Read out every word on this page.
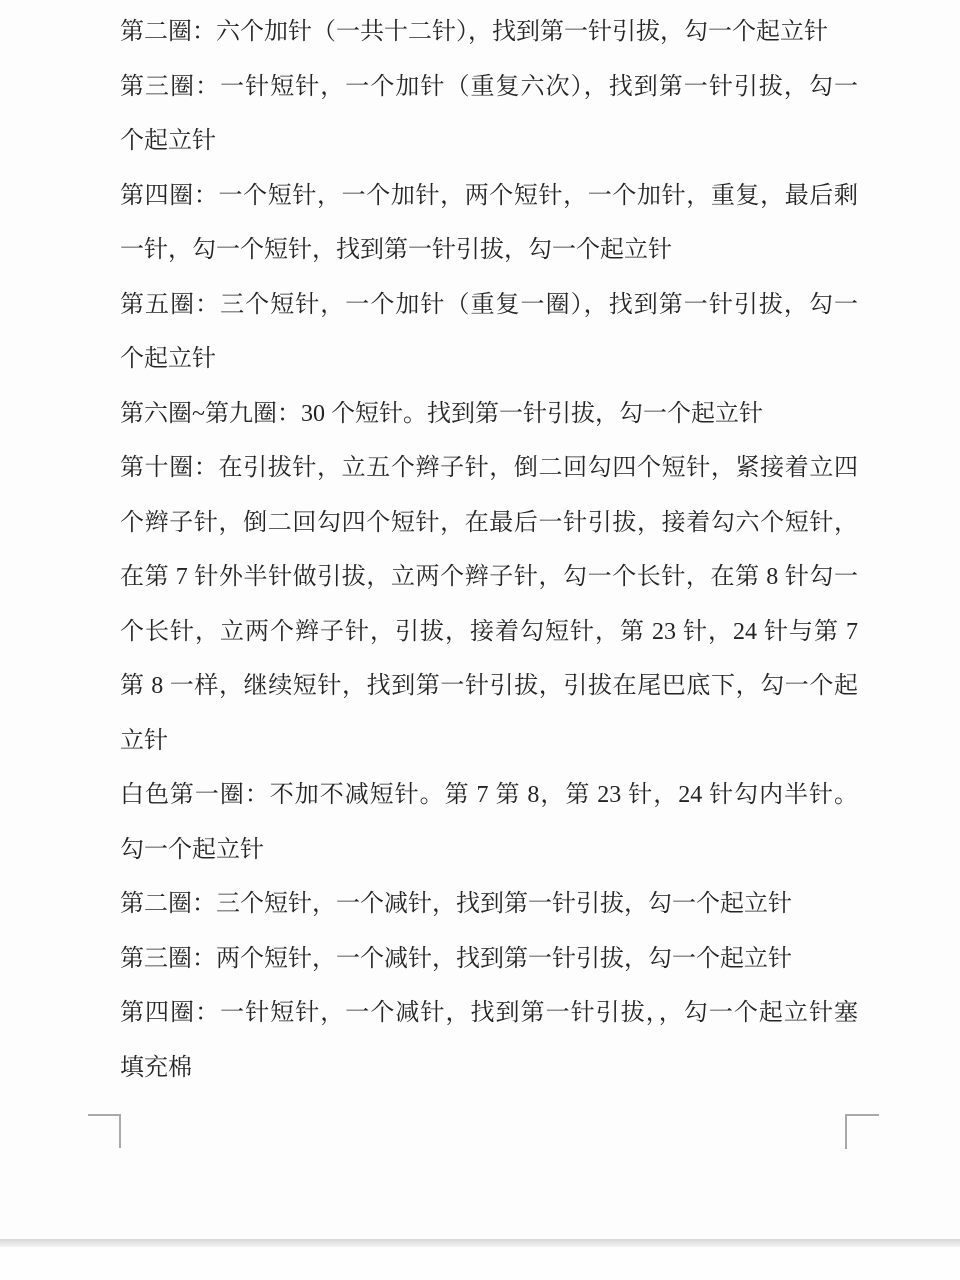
第二圈：六个加针（一共十二针），找到第一针引拔，勾一个起立针
第三圈：一针短针，一个加针（重复六次），找到第一针引拔，勾一
个起立针
第四圈：一个短针，一个加针，两个短针，一个加针，重复，最后剩
一针，勾一个短针，找到第一针引拔，勾一个起立针
第五圈：三个短针，一个加针（重复一圈），找到第一针引拔，勾一
个起立针
第六圈~第九圈：30 个短针。找到第一针引拔，勾一个起立针
第十圈：在引拔针，立五个辫子针，倒二回勾四个短针，紧接着立四
个辫子针，倒二回勾四个短针，在最后一针引拔，接着勾六个短针，
在第 7 针外半针做引拔，立两个辫子针，勾一个长针，在第 8 针勾一
个长针，立两个辫子针，引拔，接着勾短针，第 23 针，24 针与第 7
第 8 一样，继续短针，找到第一针引拔，引拔在尾巴底下，勾一个起
立针
白色第一圈：不加不减短针。第 7 第 8，第 23 针，24 针勾内半针。
勾一个起立针
第二圈：三个短针，一个减针，找到第一针引拔，勾一个起立针
第三圈：两个短针，一个减针，找到第一针引拔，勾一个起立针
第四圈：一针短针，一个减针，找到第一针引拔，，勾一个起立针塞
填充棉
